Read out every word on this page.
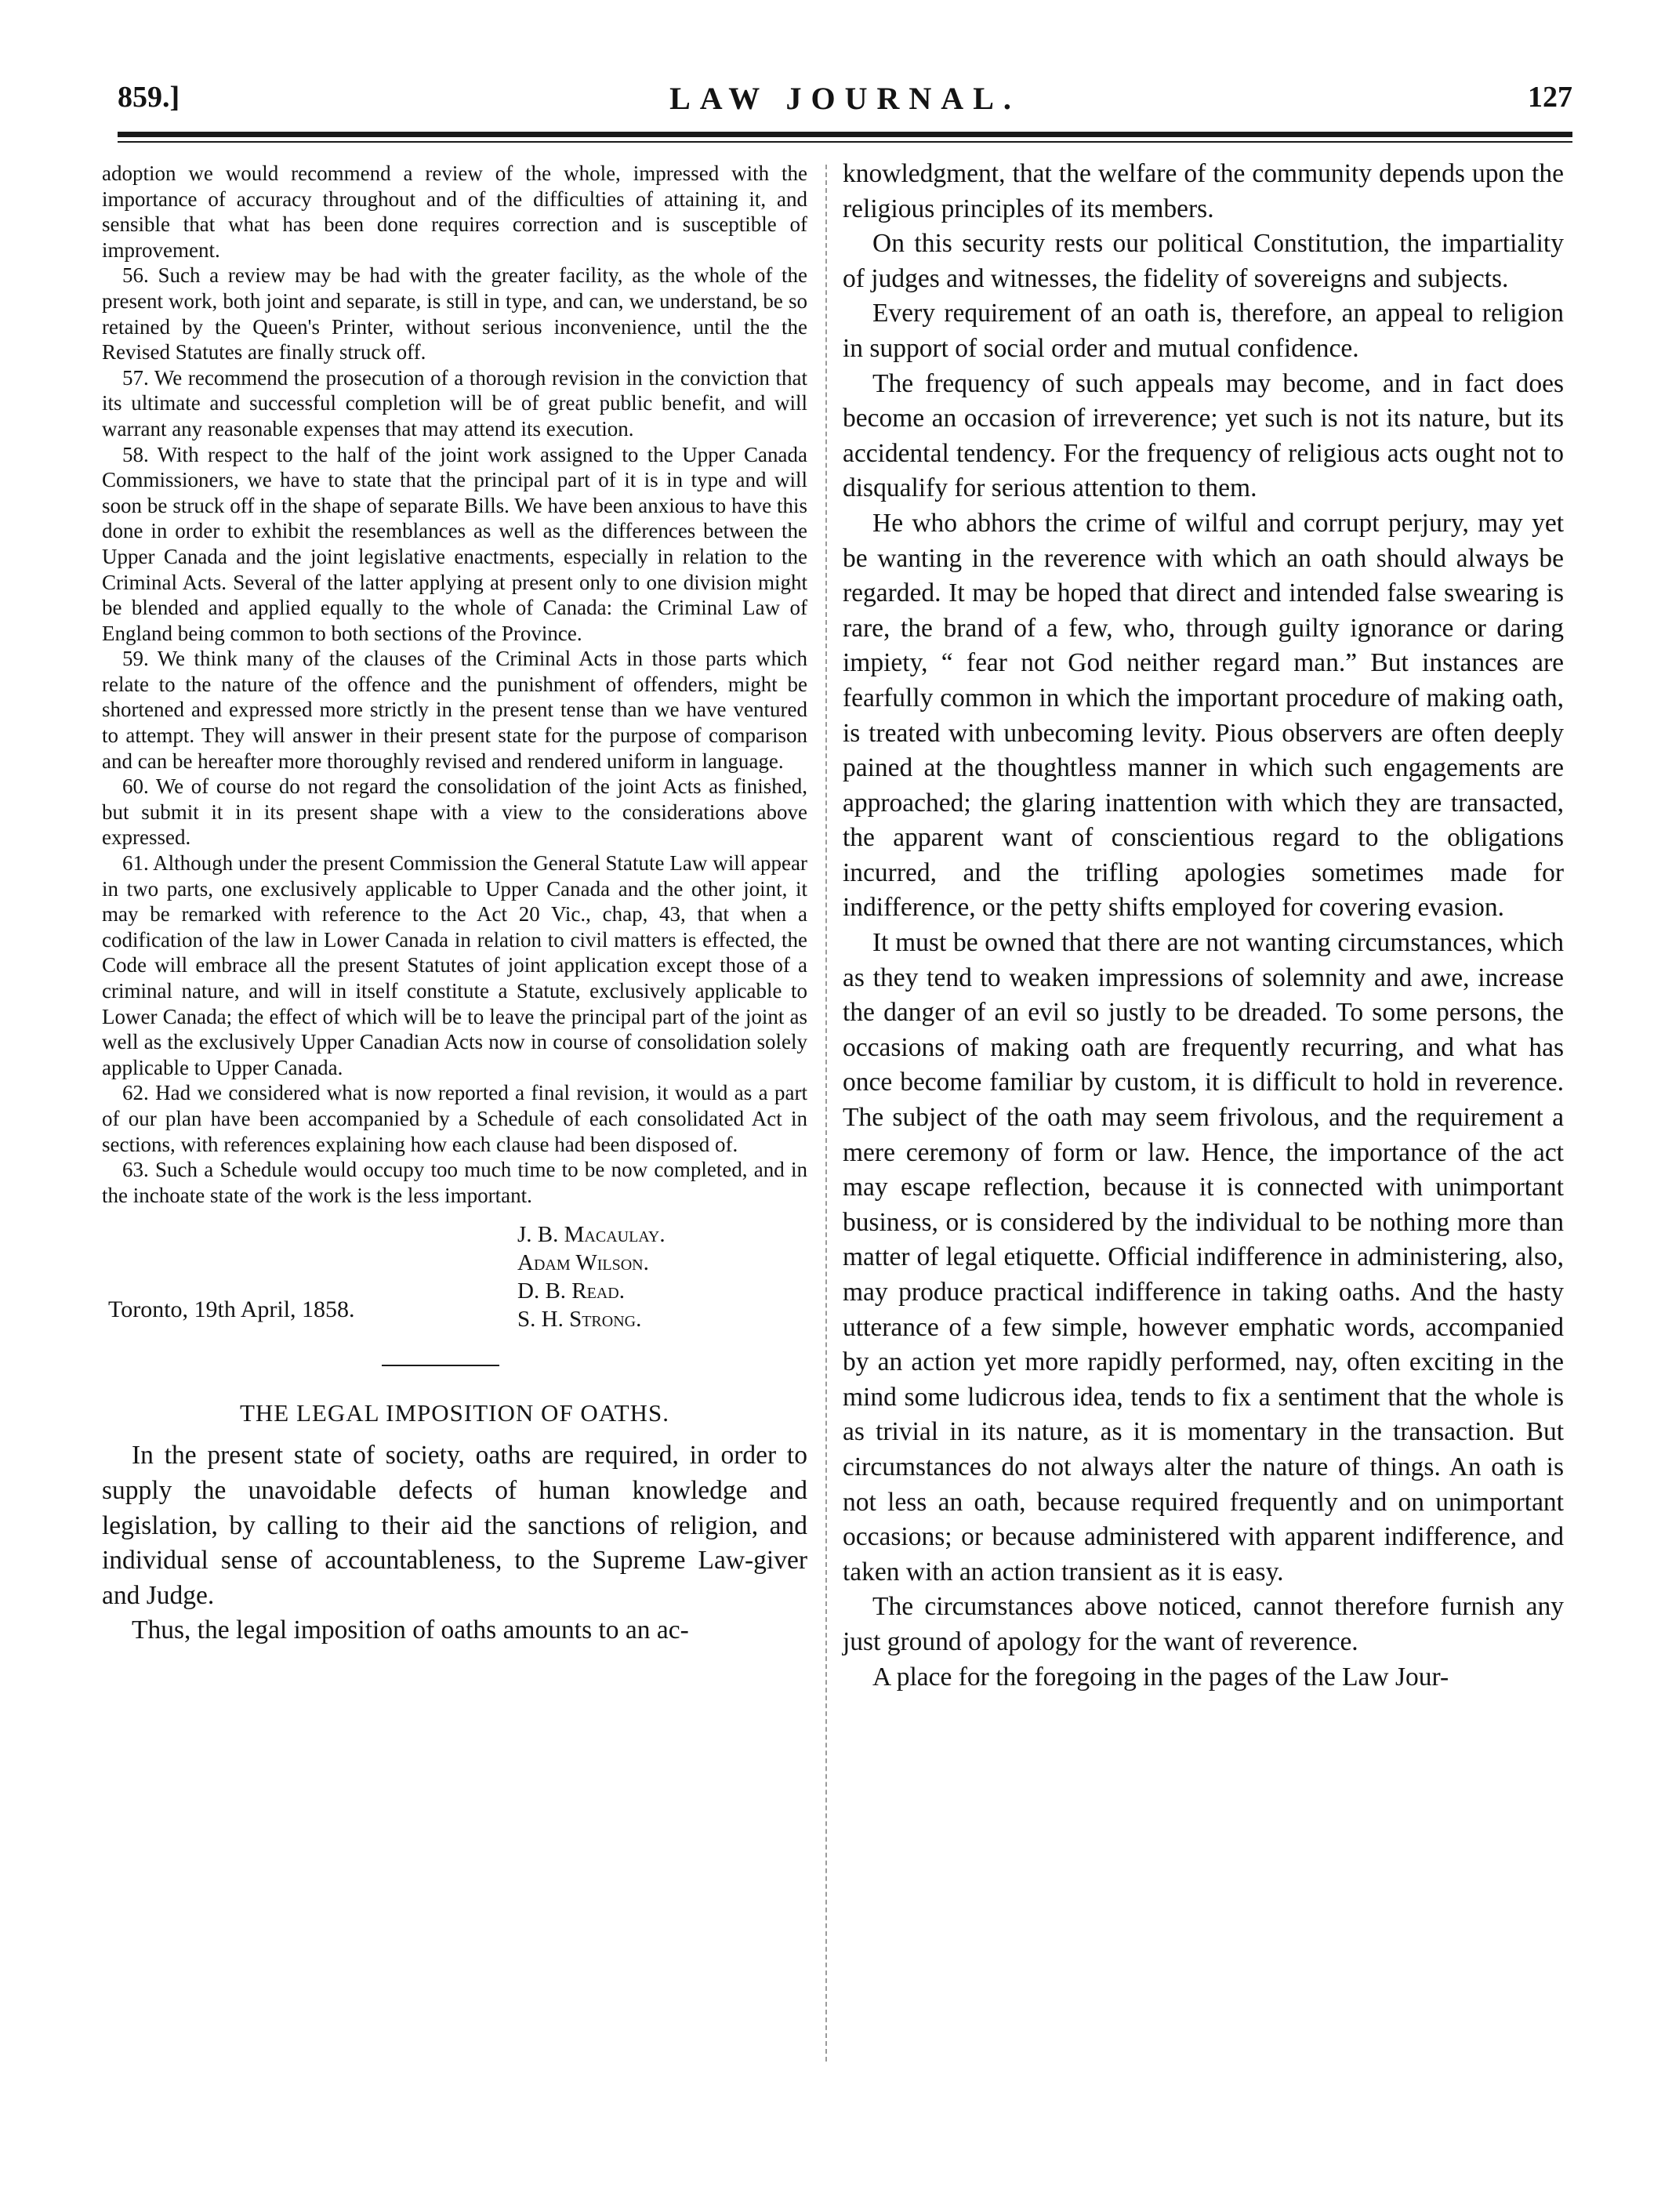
859.]	LAW JOURNAL.	127

adoption we would recommend a review of the whole, impressed with the importance of accuracy throughout and of the difficulties of attaining it, and sensible that what has been done requires correction and is susceptible of improvement.

56. Such a review may be had with the greater facility, as the whole of the present work, both joint and separate, is still in type, and can, we understand, be so retained by the Queen's Printer, without serious inconvenience, until the the Revised Statutes are finally struck off.

57. We recommend the prosecution of a thorough revision in the conviction that its ultimate and successful completion will be of great public benefit, and will warrant any reasonable expenses that may attend its execution.

58. With respect to the half of the joint work assigned to the Upper Canada Commissioners, we have to state that the principal part of it is in type and will soon be struck off in the shape of separate Bills. We have been anxious to have this done in order to exhibit the resemblances as well as the differences between the Upper Canada and the joint legislative enactments, especially in relation to the Criminal Acts. Several of the latter applying at present only to one division might be blended and applied equally to the whole of Canada: the Criminal Law of England being common to both sections of the Province.

59. We think many of the clauses of the Criminal Acts in those parts which relate to the nature of the offence and the punishment of offenders, might be shortened and expressed more strictly in the present tense than we have ventured to attempt. They will answer in their present state for the purpose of comparison and can be hereafter more thoroughly revised and rendered uniform in language.

60. We of course do not regard the consolidation of the joint Acts as finished, but submit it in its present shape with a view to the considerations above expressed.

61. Although under the present Commission the General Statute Law will appear in two parts, one exclusively applicable to Upper Canada and the other joint, it may be remarked with reference to the Act 20 Vic., chap, 43, that when a codification of the law in Lower Canada in relation to civil matters is effected, the Code will embrace all the present Statutes of joint application except those of a criminal nature, and will in itself constitute a Statute, exclusively applicable to Lower Canada; the effect of which will be to leave the principal part of the joint as well as the exclusively Upper Canadian Acts now in course of consolidation solely applicable to Upper Canada.

62. Had we considered what is now reported a final revision, it would as a part of our plan have been accompanied by a Schedule of each consolidated Act in sections, with references explaining how each clause had been disposed of.

63. Such a Schedule would occupy too much time to be now completed, and in the inchoate state of the work is the less important.

J. B. Macaulay.
Adam Wilson.
D. B. Read.
S. H. Strong.
Toronto, 19th April, 1858.
THE LEGAL IMPOSITION OF OATHS.

In the present state of society, oaths are required, in order to supply the unavoidable defects of human knowledge and legislation, by calling to their aid the sanctions of religion, and individual sense of accountableness, to the Supreme Law-giver and Judge.

Thus, the legal imposition of oaths amounts to an ac-

knowledgment, that the welfare of the community depends upon the religious principles of its members.

On this security rests our political Constitution, the impartiality of judges and witnesses, the fidelity of sovereigns and subjects.

Every requirement of an oath is, therefore, an appeal to religion in support of social order and mutual confidence.

The frequency of such appeals may become, and in fact does become an occasion of irreverence; yet such is not its nature, but its accidental tendency. For the frequency of religious acts ought not to disqualify for serious attention to them.

He who abhors the crime of wilful and corrupt perjury, may yet be wanting in the reverence with which an oath should always be regarded. It may be hoped that direct and intended false swearing is rare, the brand of a few, who, through guilty ignorance or daring impiety, “ fear not God neither regard man.” But instances are fearfully common in which the important procedure of making oath, is treated with unbecoming levity. Pious observers are often deeply pained at the thoughtless manner in which such engagements are approached; the glaring inattention with which they are transacted, the apparent want of conscientious regard to the obligations incurred, and the trifling apologies sometimes made for indifference, or the petty shifts employed for covering evasion.

It must be owned that there are not wanting circumstances, which as they tend to weaken impressions of solemnity and awe, increase the danger of an evil so justly to be dreaded. To some persons, the occasions of making oath are frequently recurring, and what has once become familiar by custom, it is difficult to hold in reverence. The subject of the oath may seem frivolous, and the requirement a mere ceremony of form or law. Hence, the importance of the act may escape reflection, because it is connected with unimportant business, or is considered by the individual to be nothing more than matter of legal etiquette. Official indifference in administering, also, may produce practical indifference in taking oaths. And the hasty utterance of a few simple, however emphatic words, accompanied by an action yet more rapidly performed, nay, often exciting in the mind some ludicrous idea, tends to fix a sentiment that the whole is as trivial in its nature, as it is momentary in the transaction. But circumstances do not always alter the nature of things. An oath is not less an oath, because required frequently and on unimportant occasions; or because administered with apparent indifference, and taken with an action transient as it is easy.

The circumstances above noticed, cannot therefore furnish any just ground of apology for the want of reverence.

A place for the foregoing in the pages of the Law Jour-
